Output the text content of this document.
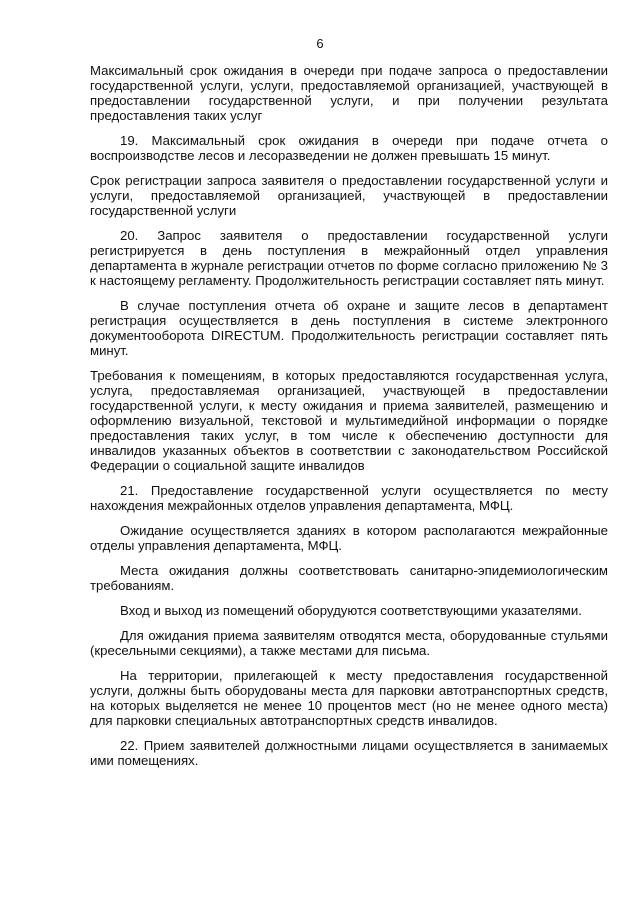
6

Максимальный срок ожидания в очереди при подаче запроса о предоставлении государственной услуги, услуги, предоставляемой организацией, участвующей в предоставлении государственной услуги, и при получении результата предоставления таких услуг

19. Максимальный срок ожидания в очереди при подаче отчета о воспроизводстве лесов и лесоразведении не должен превышать 15 минут.

Срок регистрации запроса заявителя о предоставлении государственной услуги и услуги, предоставляемой организацией, участвующей в предоставлении государственной услуги

20. Запрос заявителя о предоставлении государственной услуги регистрируется в день поступления в межрайонный отдел управления департамента в журнале регистрации отчетов по форме согласно приложению № 3 к настоящему регламенту. Продолжительность регистрации составляет пять минут.

В случае поступления отчета об охране и защите лесов в департамент регистрация осуществляется в день поступления в системе электронного документооборота DIRECTUM. Продолжительность регистрации составляет пять минут.

Требования к помещениям, в которых предоставляются государственная услуга, услуга, предоставляемая организацией, участвующей в предоставлении государственной услуги, к месту ожидания и приема заявителей, размещению и оформлению визуальной, текстовой и мультимедийной информации о порядке предоставления таких услуг, в том числе к обеспечению доступности для инвалидов указанных объектов в соответствии с законодательством Российской Федерации о социальной защите инвалидов

21. Предоставление государственной услуги осуществляется по месту нахождения межрайонных отделов управления департамента, МФЦ.

Ожидание осуществляется зданиях в котором располагаются межрайонные отделы управления департамента, МФЦ.

Места ожидания должны соответствовать санитарно-эпидемиологическим требованиям.

Вход и выход из помещений оборудуются соответствующими указателями.

Для ожидания приема заявителям отводятся места, оборудованные стульями (кресельными секциями), а также местами для письма.

На территории, прилегающей к месту предоставления государственной услуги, должны быть оборудованы места для парковки автотранспортных средств, на которых выделяется не менее 10 процентов мест (но не менее одного места) для парковки специальных автотранспортных средств инвалидов.

22. Прием заявителей должностными лицами осуществляется в занимаемых ими помещениях.
